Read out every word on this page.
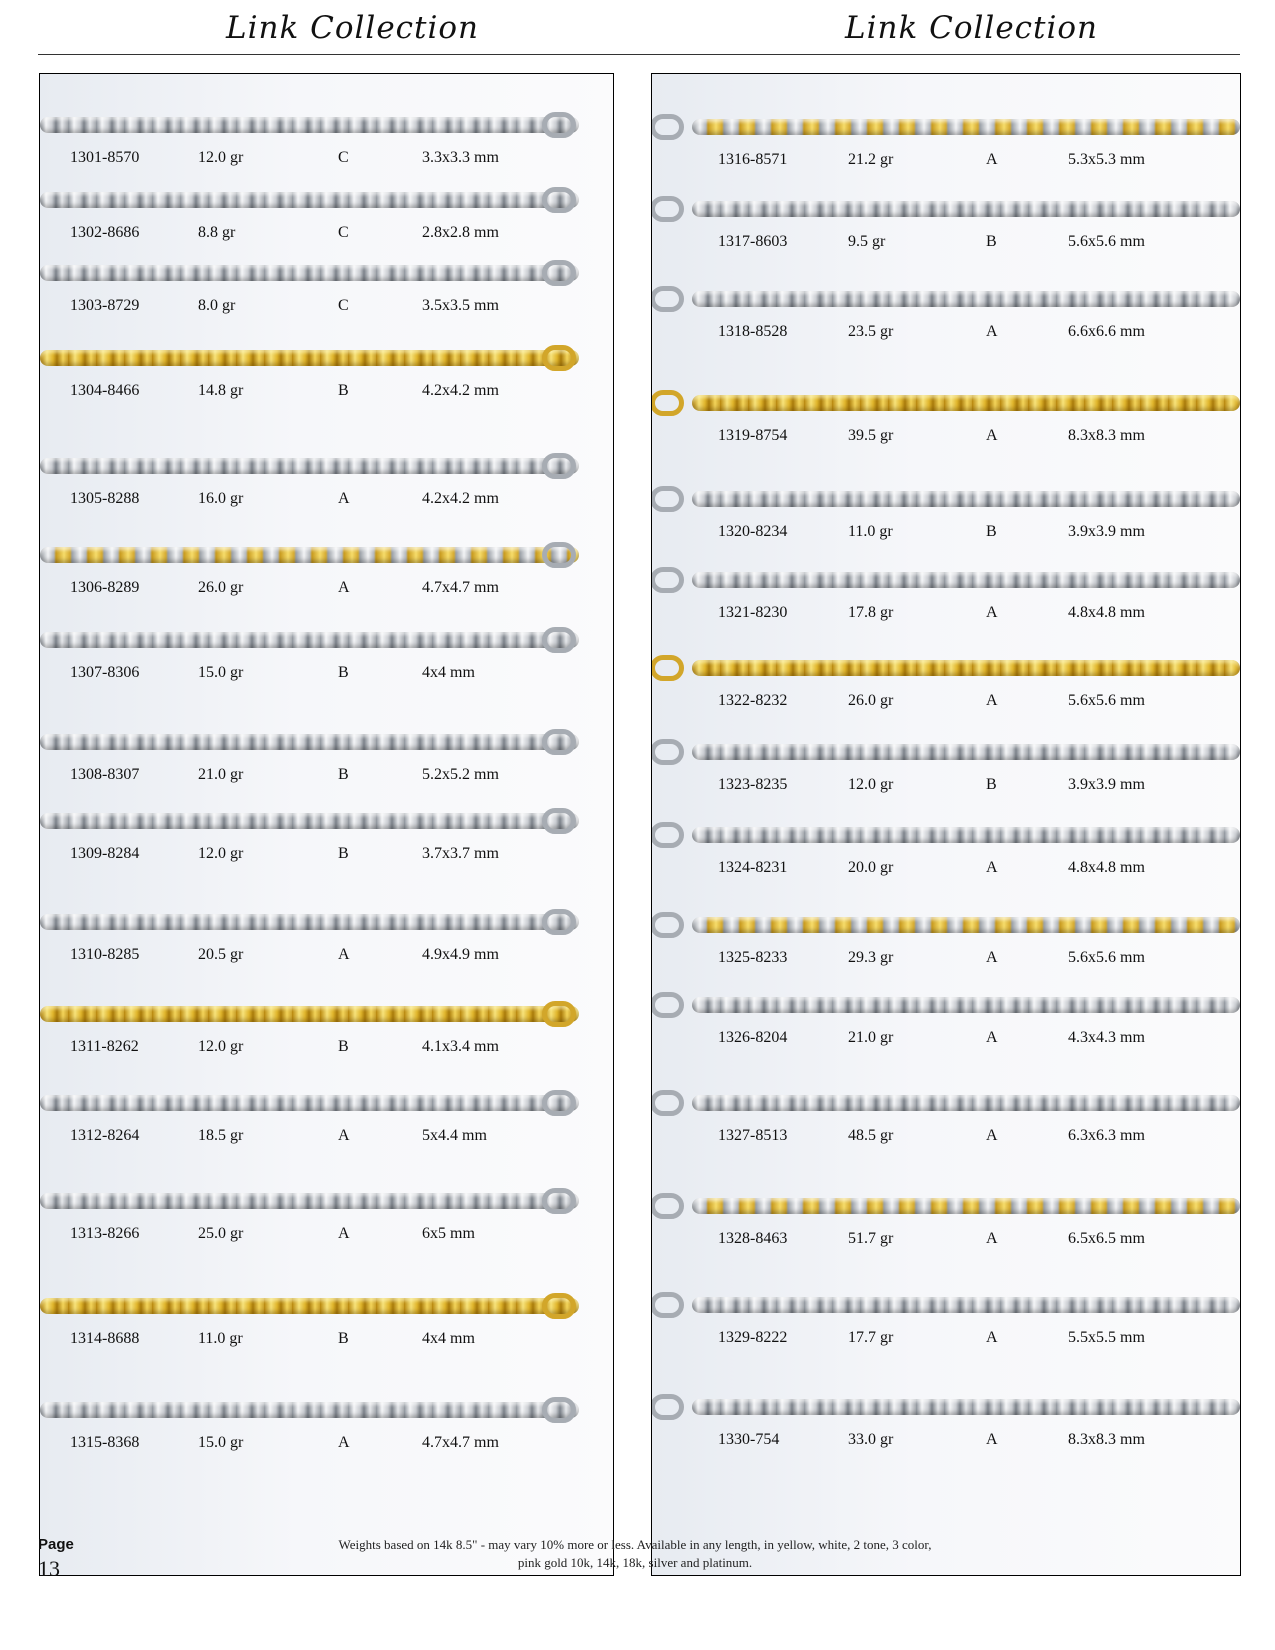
Link Collection	Link Collection
1301-8570	12.0 gr	C	3.3x3.3 mm
1302-8686	8.8 gr	C	2.8x2.8 mm
1303-8729	8.0 gr	C	3.5x3.5 mm
1304-8466	14.8 gr	B	4.2x4.2 mm
1305-8288	16.0 gr	A	4.2x4.2 mm
1306-8289	26.0 gr	A	4.7x4.7 mm
1307-8306	15.0 gr	B	4x4 mm
1308-8307	21.0 gr	B	5.2x5.2 mm
1309-8284	12.0 gr	B	3.7x3.7 mm
1310-8285	20.5 gr	A	4.9x4.9 mm
1311-8262	12.0 gr	B	4.1x3.4 mm
1312-8264	18.5 gr	A	5x4.4 mm
1313-8266	25.0 gr	A	6x5 mm
1314-8688	11.0 gr	B	4x4 mm
1315-8368	15.0 gr	A	4.7x4.7 mm
1316-8571	21.2 gr	A	5.3x5.3 mm
1317-8603	9.5 gr	B	5.6x5.6 mm
1318-8528	23.5 gr	A	6.6x6.6 mm
1319-8754	39.5 gr	A	8.3x8.3 mm
1320-8234	11.0 gr	B	3.9x3.9 mm
1321-8230	17.8 gr	A	4.8x4.8 mm
1322-8232	26.0 gr	A	5.6x5.6 mm
1323-8235	12.0 gr	B	3.9x3.9 mm
1324-8231	20.0 gr	A	4.8x4.8 mm
1325-8233	29.3 gr	A	5.6x5.6 mm
1326-8204	21.0 gr	A	4.3x4.3 mm
1327-8513	48.5 gr	A	6.3x6.3 mm
1328-8463	51.7 gr	A	6.5x6.5 mm
1329-8222	17.7 gr	A	5.5x5.5 mm
1330-754	33.0 gr	A	8.3x8.3 mm
Page
13
Weights based on 14k 8.5" - may vary 10% more or less. Available in any length, in yellow, white, 2 tone, 3 color,
pink gold 10k, 14k, 18k, silver and platinum.
